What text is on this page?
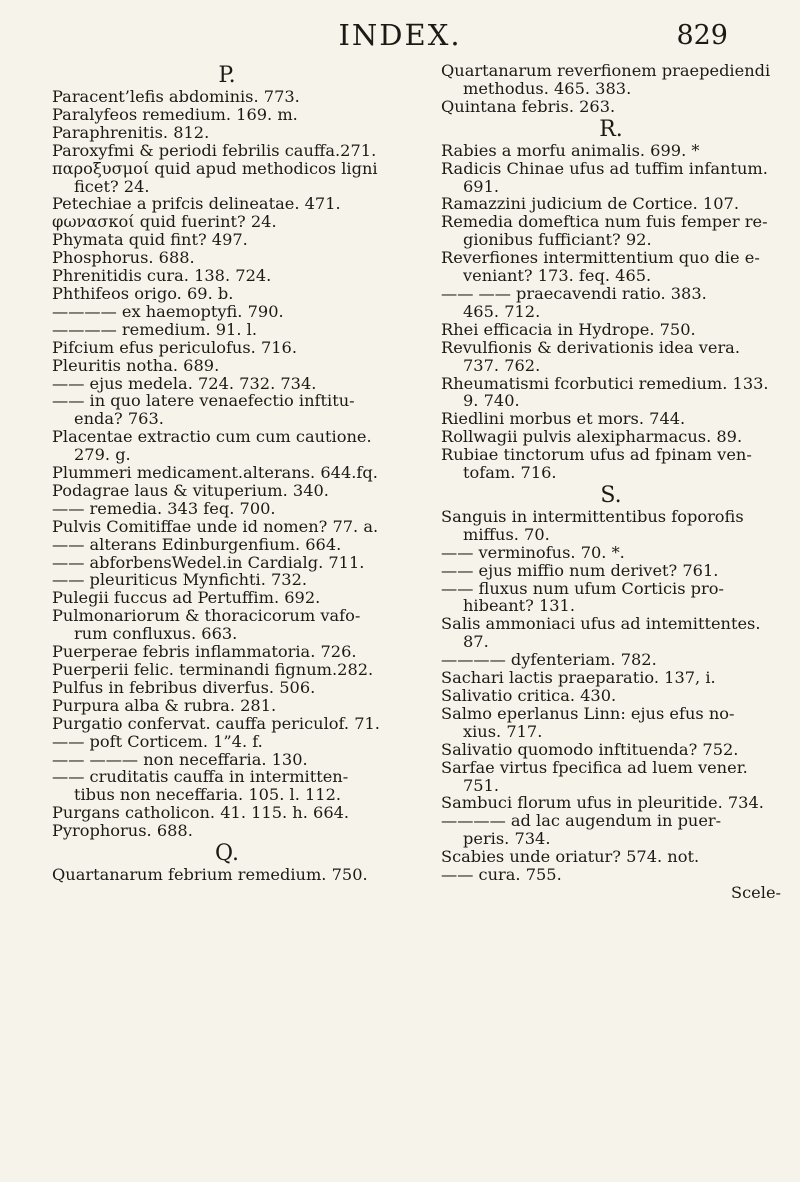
INDEX.	829
P.
Paracent’lefis abdominis. 773.
Paralyfeos remedium. 169. m.
Paraphrenitis. 812.
Paroxyfmi & periodi febrilis cauffa.271.
παροξυσμοί quid apud methodicos ligni
ficet? 24.
Petechiae a prifcis delineatae. 471.
φωνασκοί quid fuerint? 24.
Phymata quid fint? 497.
Phosphorus. 688.
Phrenitidis cura. 138. 724.
Phthifeos origo. 69. b.
———— ex haemoptyfi. 790.
———— remedium. 91. l.
Pifcium efus periculofus. 716.
Pleuritis notha. 689.
—— ejus medela. 724. 732. 734.
—— in quo latere venaefectio inftitu-
enda? 763.
Placentae extractio cum cum cautione.
279. g.
Plummeri medicament.alterans. 644.fq.
Podagrae laus & vituperium. 340.
—— remedia. 343 feq. 700.
Pulvis Comitiffae unde id nomen? 77. a.
—— alterans Edinburgenfium. 664.
—— abforbensWedel.in Cardialg. 711.
—— pleuriticus Mynfichti. 732.
Pulegii fuccus ad Pertuffim. 692.
Pulmonariorum & thoracicorum vafo-
rum confluxus. 663.
Puerperae febris inflammatoria. 726.
Puerperii felic. terminandi fignum.282.
Pulfus in febribus diverfus. 506.
Purpura alba & rubra. 281.
Purgatio confervat. cauffa periculof. 71.
—— poft Corticem. 1”4. f.
—— ——— non neceffaria. 130.
—— cruditatis cauffa in intermitten-
tibus non neceffaria. 105. l. 112.
Purgans catholicon. 41. 115. h. 664.
Pyrophorus. 688.
Q.
Quartanarum febrium remedium. 750.
Quartanarum reverfionem praepediendi
methodus. 465. 383.
Quintana febris. 263.
R.
Rabies a morfu animalis. 699. *
Radicis Chinae ufus ad tuffim infantum.
691.
Ramazzini judicium de Cortice. 107.
Remedia domeftica num fuis femper re-
gionibus fufficiant? 92.
Reverfiones intermittentium quo die e-
veniant? 173. feq. 465.
—— —— praecavendi ratio. 383.
465. 712.
Rhei efficacia in Hydrope. 750.
Revulfionis & derivationis idea vera.
737. 762.
Rheumatismi fcorbutici remedium. 133.
9. 740.
Riedlini morbus et mors. 744.
Rollwagii pulvis alexipharmacus. 89.
Rubiae tinctorum ufus ad fpinam ven-
tofam. 716.
S.
Sanguis in intermittentibus foporofis
miffus. 70.
—— verminofus. 70. *.
—— ejus miffio num derivet? 761.
—— fluxus num ufum Corticis pro-
hibeant? 131.
Salis ammoniaci ufus ad intemittentes.
87.
———— dyfenteriam. 782.
Sachari lactis praeparatio. 137, i.
Salivatio critica. 430.
Salmo eperlanus Linn: ejus efus no-
xius. 717.
Salivatio quomodo inftituenda? 752.
Sarfae virtus fpecifica ad luem vener.
751.
Sambuci florum ufus in pleuritide. 734.
———— ad lac augendum in puer-
peris. 734.
Scabies unde oriatur? 574. not.
—— cura. 755.
Scele-
